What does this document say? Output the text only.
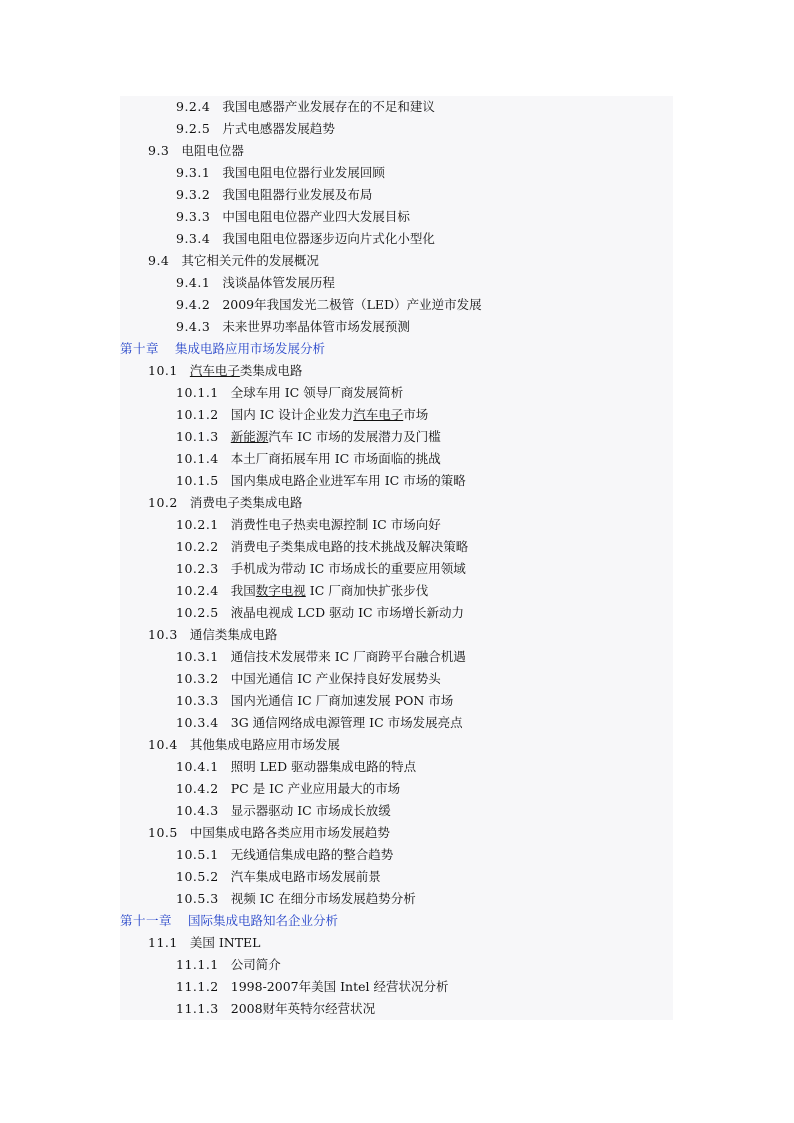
9.2.4 我国电感器产业发展存在的不足和建议
9.2.5 片式电感器发展趋势
9.3 电阻电位器
9.3.1 我国电阻电位器行业发展回顾
9.3.2 我国电阻器行业发展及布局
9.3.3 中国电阻电位器产业四大发展目标
9.3.4 我国电阻电位器逐步迈向片式化小型化
9.4 其它相关元件的发展概况
9.4.1 浅谈晶体管发展历程
9.4.2 2009年我国发光二极管（LED）产业逆市发展
9.4.3 未来世界功率晶体管市场发展预测
第十章 集成电路应用市场发展分析
10.1 汽车电子类集成电路
10.1.1 全球车用 IC 领导厂商发展简析
10.1.2 国内 IC 设计企业发力汽车电子市场
10.1.3 新能源汽车 IC 市场的发展潜力及门槛
10.1.4 本土厂商拓展车用 IC 市场面临的挑战
10.1.5 国内集成电路企业进军车用 IC 市场的策略
10.2 消费电子类集成电路
10.2.1 消费性电子热卖电源控制 IC 市场向好
10.2.2 消费电子类集成电路的技术挑战及解决策略
10.2.3 手机成为带动 IC 市场成长的重要应用领域
10.2.4 我国数字电视 IC 厂商加快扩张步伐
10.2.5 液晶电视成 LCD 驱动 IC 市场增长新动力
10.3 通信类集成电路
10.3.1 通信技术发展带来 IC 厂商跨平台融合机遇
10.3.2 中国光通信 IC 产业保持良好发展势头
10.3.3 国内光通信 IC 厂商加速发展 PON 市场
10.3.4 3G 通信网络成电源管理 IC 市场发展亮点
10.4 其他集成电路应用市场发展
10.4.1 照明 LED 驱动器集成电路的特点
10.4.2 PC 是 IC 产业应用最大的市场
10.4.3 显示器驱动 IC 市场成长放缓
10.5 中国集成电路各类应用市场发展趋势
10.5.1 无线通信集成电路的整合趋势
10.5.2 汽车集成电路市场发展前景
10.5.3 视频 IC 在细分市场发展趋势分析
第十一章 国际集成电路知名企业分析
11.1 美国 INTEL
11.1.1 公司简介
11.1.2 1998-2007年美国 Intel 经营状况分析
11.1.3 2008财年英特尔经营状况
